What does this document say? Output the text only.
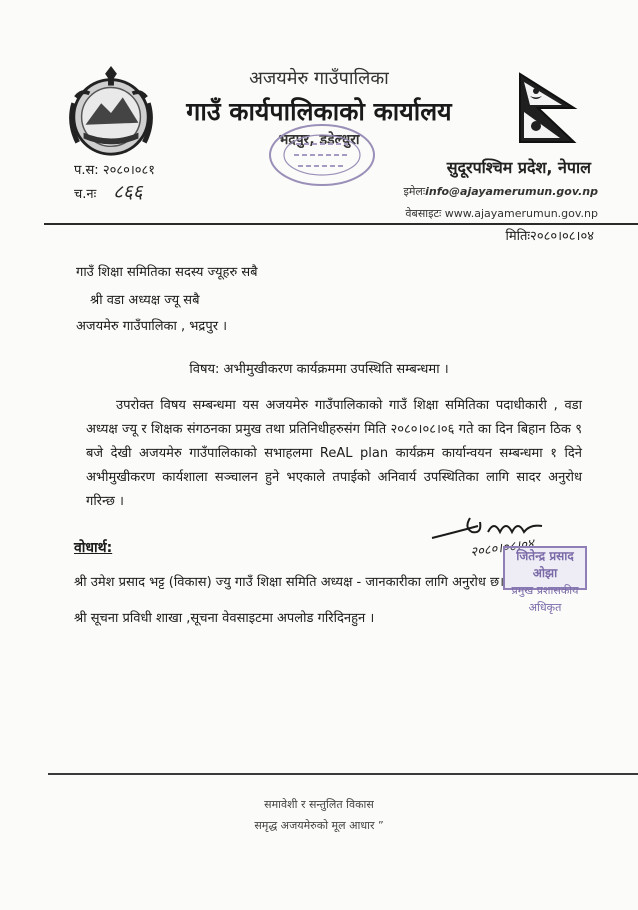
अजयमेरु गाउँपालिका
गाउँ कार्यपालिकाको कार्यालय
भद्रपुर, डडेल्धुरा
प.स: २०८०।०८१
च.नः ८६६
सुदूरपश्चिम प्रदेश, नेपाल
इमेलःinfo@ajayamerumun.gov.np
वेबसाइटः www.ajayamerumun.gov.np
मितिः२०८०।०८।०४
गाउँ शिक्षा समितिका सदस्य ज्यूहरु सबै
श्री वडा अध्यक्ष ज्यू सबै
अजयमेरु गाउँपालिका , भद्रपुर ।
विषय: अभीमुखीकरण कार्यक्रममा उपस्थिति सम्बन्धमा ।

उपरोक्त विषय सम्बन्धमा यस अजयमेरु गाउँपालिकाको गाउँ शिक्षा समितिका पदाधीकारी , वडा अध्यक्ष ज्यू र शिक्षक संगठनका प्रमुख तथा प्रतिनिधीहरुसंग मिति २०८०।०८।०६ गते का दिन बिहान ठिक ९ बजे देखी अजयमेरु गाउँपालिकाको सभाहलमा ReAL plan कार्यक्रम कार्यान्वयन सम्बन्धमा १ दिने अभीमुखीकरण कार्यशाला सञ्चालन हुने भएकाले तपाईको अनिवार्य उपस्थितिका लागि सादर अनुरोध गरिन्छ ।

२०८०।०८।०४
जितेन्द्र प्रसाद ओझा
प्रमुख प्रशासकीय अधिकृत
वोधार्थ:
श्री उमेश प्रसाद भट्ट (विकास) ज्यु गाउँ शिक्षा समिति अध्यक्ष - जानकारीका लागि अनुरोध छ।
श्री सूचना प्रविधी शाखा ,सूचना वेवसाइटमा अपलोड गरिदिनहुन ।
समावेशी र सन्तुलित विकास
समृद्ध अजयमेरुको मूल आधार ”
